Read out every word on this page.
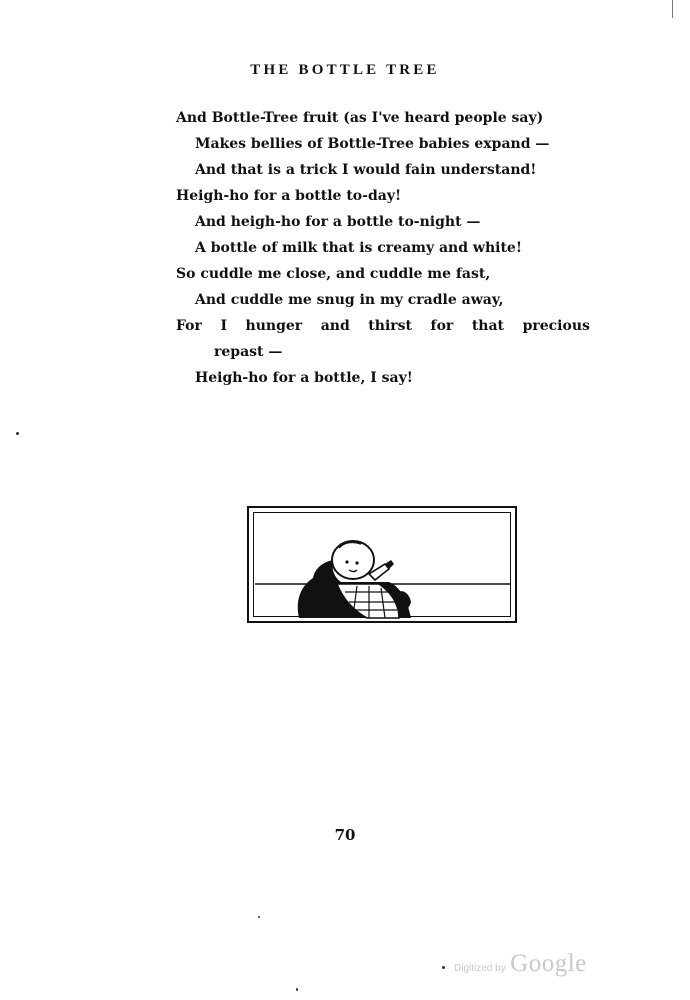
THE BOTTLE TREE
And Bottle-Tree fruit (as I've heard people say)
Makes bellies of Bottle-Tree babies expand —
And that is a trick I would fain understand!
Heigh-ho for a bottle to-day!
And heigh-ho for a bottle to-night —
A bottle of milk that is creamy and white!
So cuddle me close, and cuddle me fast,
And cuddle me snug in my cradle away,
For I hunger and thirst for that precious
repast —
Heigh-ho for a bottle, I say!
70
Digitized by Google
